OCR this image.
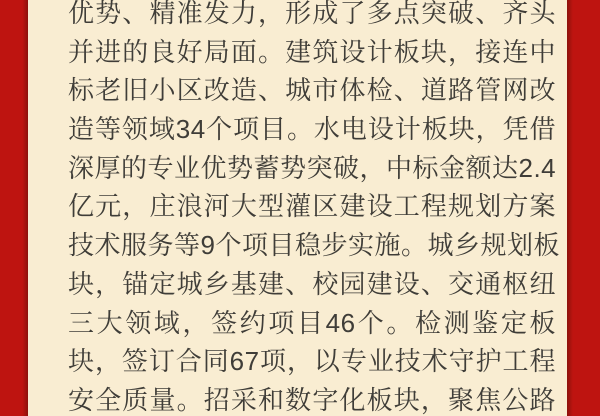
优势、精准发力，形成了多点突破、齐头
并进的良好局面。建筑设计板块，接连中
标老旧小区改造、城市体检、道路管网改
造等领域34个项目。水电设计板块，凭借
深厚的专业优势蓄势突破，中标金额达2.4
亿元，庄浪河大型灌区建设工程规划方案
技术服务等9个项目稳步实施。城乡规划板
块，锚定城乡基建、校园建设、交通枢纽
三大领域，签约项目46个。检测鉴定板
块，签订合同67项，以专业技术守护工程
安全质量。招采和数字化板块，聚焦公路
